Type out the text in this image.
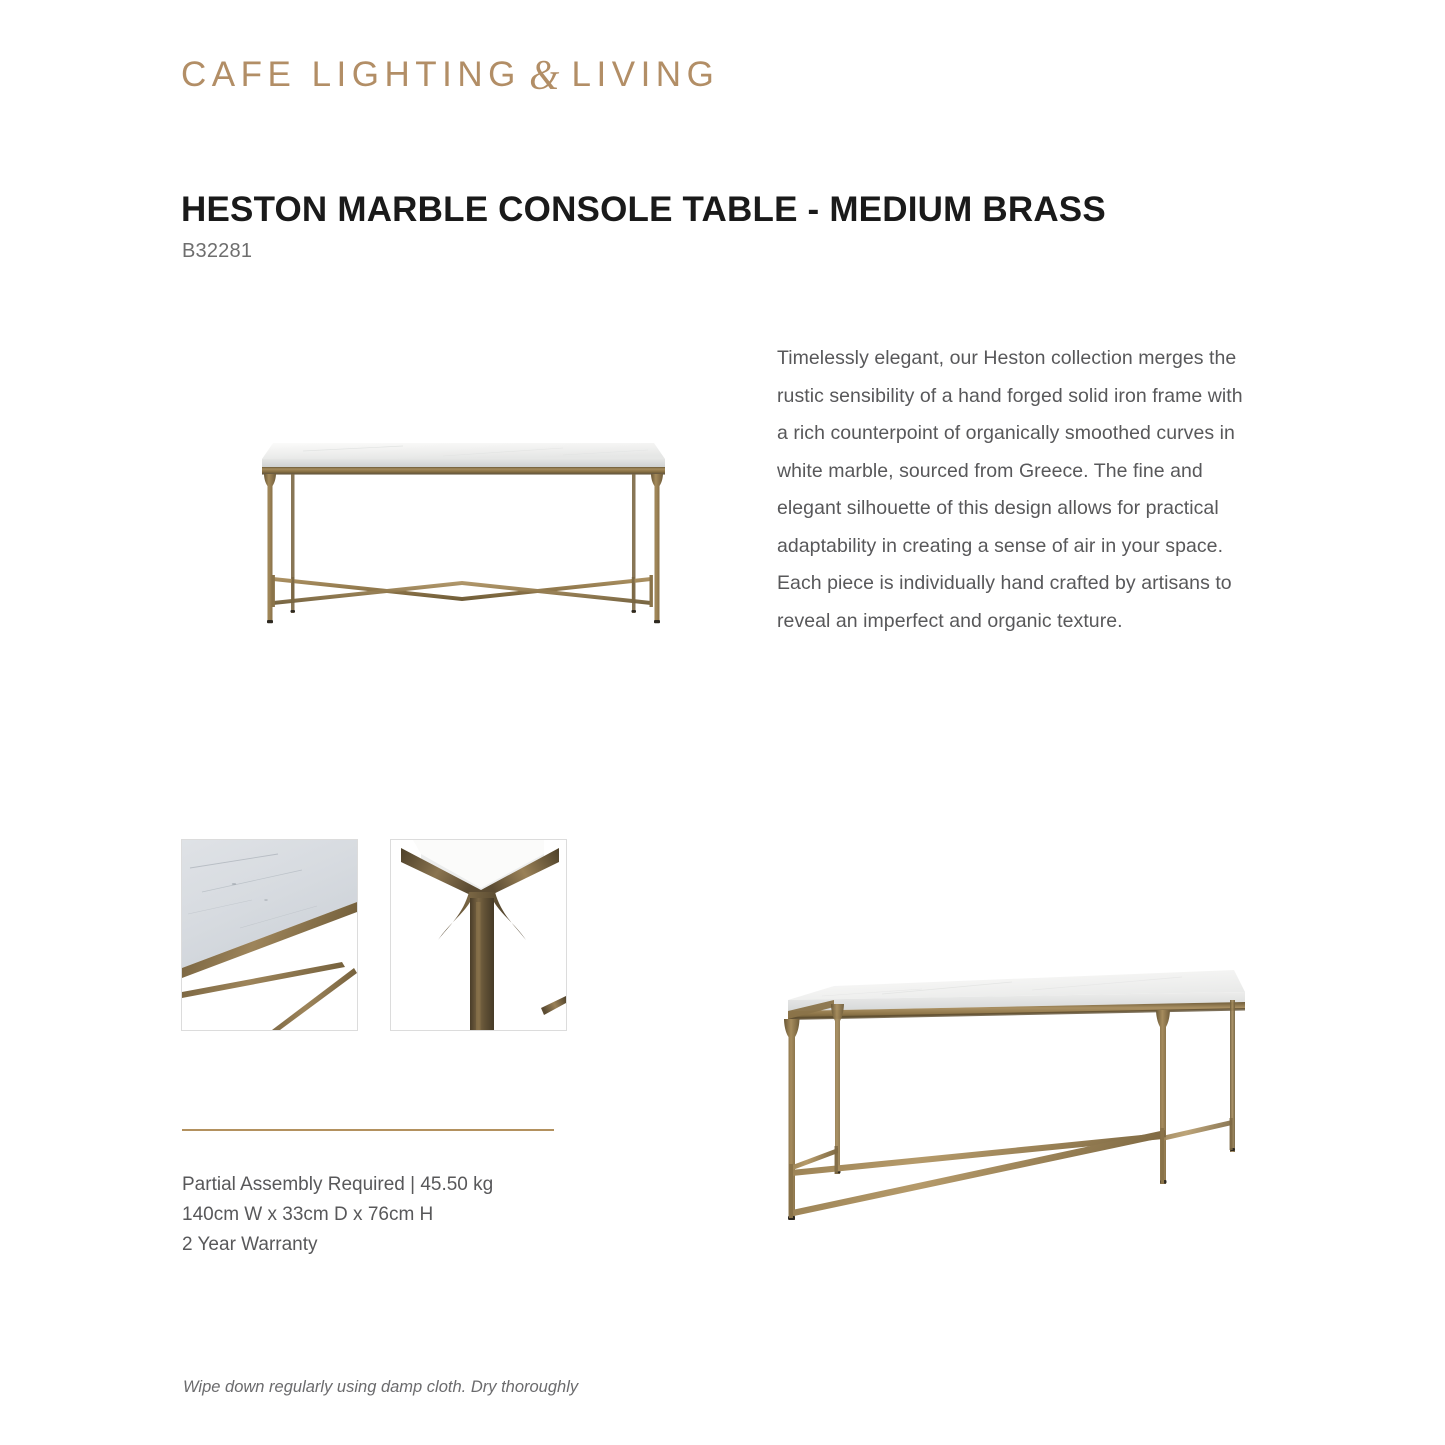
CAFE LIGHTING & LIVING
HESTON MARBLE CONSOLE TABLE - MEDIUM BRASS
B32281
Timelessly elegant, our Heston collection merges the rustic sensibility of a hand forged solid iron frame with a rich counterpoint of organically smoothed curves in white marble, sourced from Greece. The fine and elegant silhouette of this design allows for practical adaptability in creating a sense of air in your space. Each piece is individually hand crafted by artisans to reveal an imperfect and organic texture.
Partial Assembly Required | 45.50 kg
140cm W x 33cm D x 76cm H
2 Year Warranty
Wipe down regularly using damp cloth. Dry thoroughly
